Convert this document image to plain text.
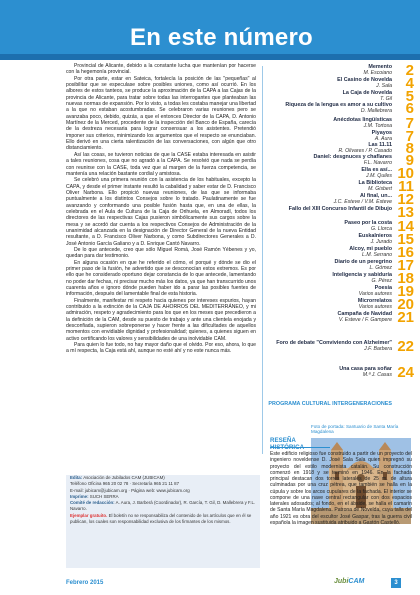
En este número

Provincial de Alicante, debido a la constante lucha que mantenían por hacerse con la hegemonía provincial.

Por otra parte, estar en Sateica, fortalecía la posición de las "pequeñas" al posibilitar que se especulase sobre posibles uniones, como así ocurrió. En los albores de estos tanteos, se produce la aproximación de la CAPA a las Cajas de la provincia de Alicante, para tratar sobre todas las interrogantes que planteaban las nuevas normas de expansión. Por lo visto, a todas les costaba manejar una libertad a la que no estaban acostumbradas. Se celebraron varias reuniones pero se avanzaba poco, debido, quizás, a que el entonces Director de la CAPA, D. Antonio Martínez de la Merced, procedente de la inspección del Banco de España, carecía de la destreza necesaria para lograr consensuar a los asistentes. Pretendió imponer sus criterios, minimizando los argumentos que el respecto se enunciaban. Ello derivó en una cierta ralentización de las conversaciones, con algún que otro distanciamiento.

Así las cosas, se tuvieron noticias de que la CASE estaba interesada en asistir a tales reuniones, cosa que no agradó a la CAPA. Se resolvió que nada se perdía con reunirse con la CASE, toda vez que al margen de la fuerza competencia, se mantenía una relación bastante cordial y amistosa.

Se celebró una primera reunión con la asistencia de los habituales, excepto la CAPA, y desde el primer instante resultó la cabalidad y saber estar de D. Francisco Oliver Narbona. Ello propició nuevas reuniones, de las que se informaba puntualmente a los distintos Consejos sobre lo tratado. Paulatinamente se fue avanzando y conformando una posible fusión hasta que, en una de ellas, la celebrada en el Aula de Cultura de la Caja de Orihuela, en Almoradí, todos los directores de las respectivas Cajas pusieron simbólicamente sus cargos sobre la mesa y se acordó dar cuenta a los respectivos Consejos de Administración de la unanimidad alcanzada en la designación de Director General de la nueva Entidad resultante, a D. Francisco Oliver Narbona, y como Subdirectores Generales a D. José Antonio García Galiano y a D. Enrique Cantó Navarro.

De lo que antecede, creo que sólo Miguel Romá, José Ramón Yébenes y yo, quedan para dar testimonio.

En alguna ocasión en que he referido el cómo, el porqué y dónde se dio el primer paso de la fusión, he advertido que se desconocían estos extremos. Es por ello que he considerado oportuno dejar constancia de lo que antecede, lamentando no poder dar fechas, ni precisar mucho más los datos, ya que han transcurrido unos cuarenta años e ignoro dónde pueden haber ido a parar las posibles fuentes de información, después del lamentable final de esta historia.

Finalmente, manifestar mi respeto hacia quienes por intereses espurios, hayan contribuido a la extinción de la CAJA DE AHORROS DEL MEDITERRÁNEO, y mi admiración, respeto y agradecimiento para los que en los meses que precedieron a la definición de la CAM, desde su puesto de trabajo y ante una clientela enojada y desconfiada, supieron sobreponerse y hacer frente a las dificultades de aquellos momentos con envidiable dignidad y profesionalidad; quienes, a quienes siguen en activo certificando los valores y sensibilidades de una inolvidable CAM.

Para quien lo fue todo, no hay mayor daño que el olvido. Por eso, ahora, lo que a mí respecta, la Caja está ahí, aunque no esté ahí y no este nunca más.

PROGRAMA CULTURAL INTERGENERACIONES
Memento
M. Escoiano 2
El Casino de Novelda
J. Sala 4
La Caja de Novelda
T. Gil 5
Riqueza de la lengua es amor a su cultivo
D. Mallebrera 6
Anécdotas lingüísticas
J.M. Tortosa 7
Piyayos
A. Aura 7
Las 11.11
R. Olivares / P. Casado 8
Daniel: desgnuces y chaflanes
F.L. Navarro 9
Ella es así...
J.M. Quiles 10
La Biblioteca
M. Gisbert 11
Al final, un...
J.C. Esteve / V.M. Esteve 12
Fallo del XIII Concurso Infantil de Dibujo 13
Paseo por la costa
G. Llorca 14
Euskalnieros
J. Jurado 15
Alcoy, mi pueblo
L.M. Serrano 16
Diario de un peregrino
L. Gómez 17
Inteligencia y sabiduría
G. Pérez 18
Poesía
Varios autores 19
Microrrelatos
Varios autores 20
Campaña de Navidad
V. Esteve / F. Gampere 21
Foro de debate "Conviviendo con Alzheimer"
J.F. Barbera 22
Una casa para soñar
M.ª J. Casas 24
Foto de portada: Santuario de Santa María Magdalena
RESEÑA
Este edificio religioso fue construido a partir de un proyecto del ingeniero noveldense D. José Sala Sala quien impregnó su proyecto del estilo modernista catalán. Su construcción comenzó en 1918 y se terminó en 1946. En la fachada principal destacan dos torres laterales de 25 m. de altura culminadas por una cruz pétrea, que también se halla en la cúpula y sobre los arcos cupulares de la fachada. El interior se compone de una nave central rectangular con dos espacios laterales adosados; al fondo, en el ábside, se halla el camarín de Santa María Magdalena. Patrona de Novelda, cuya talla del año 1921 es obra del escultor José Gaspar, tras la guerra civil española la imagen sustituida atribuido a Gastón Castelló.
Edita: Asociación de Jubilados CAM (JUBICAM)
Teléfono Oficina 965 20 02 78 · Secretaría 965 21 11 87
E-mail: jubicam@jubicam.org · Página web: www.jubicam.org
Imprime: SUCH SERRA
Comité de redacción: A. Aura, J. Barberá (Coordinador), R. García, T. Gil, D. Mallebrera y F.L. Navarro.
Ejemplar gratuito. El boletín no se responsabiliza del contenido de los artículos que en él se publican, los cuales son responsabilidad exclusiva de los firmantes de los mismos.
Febrero 2015	JubiCAM	3
